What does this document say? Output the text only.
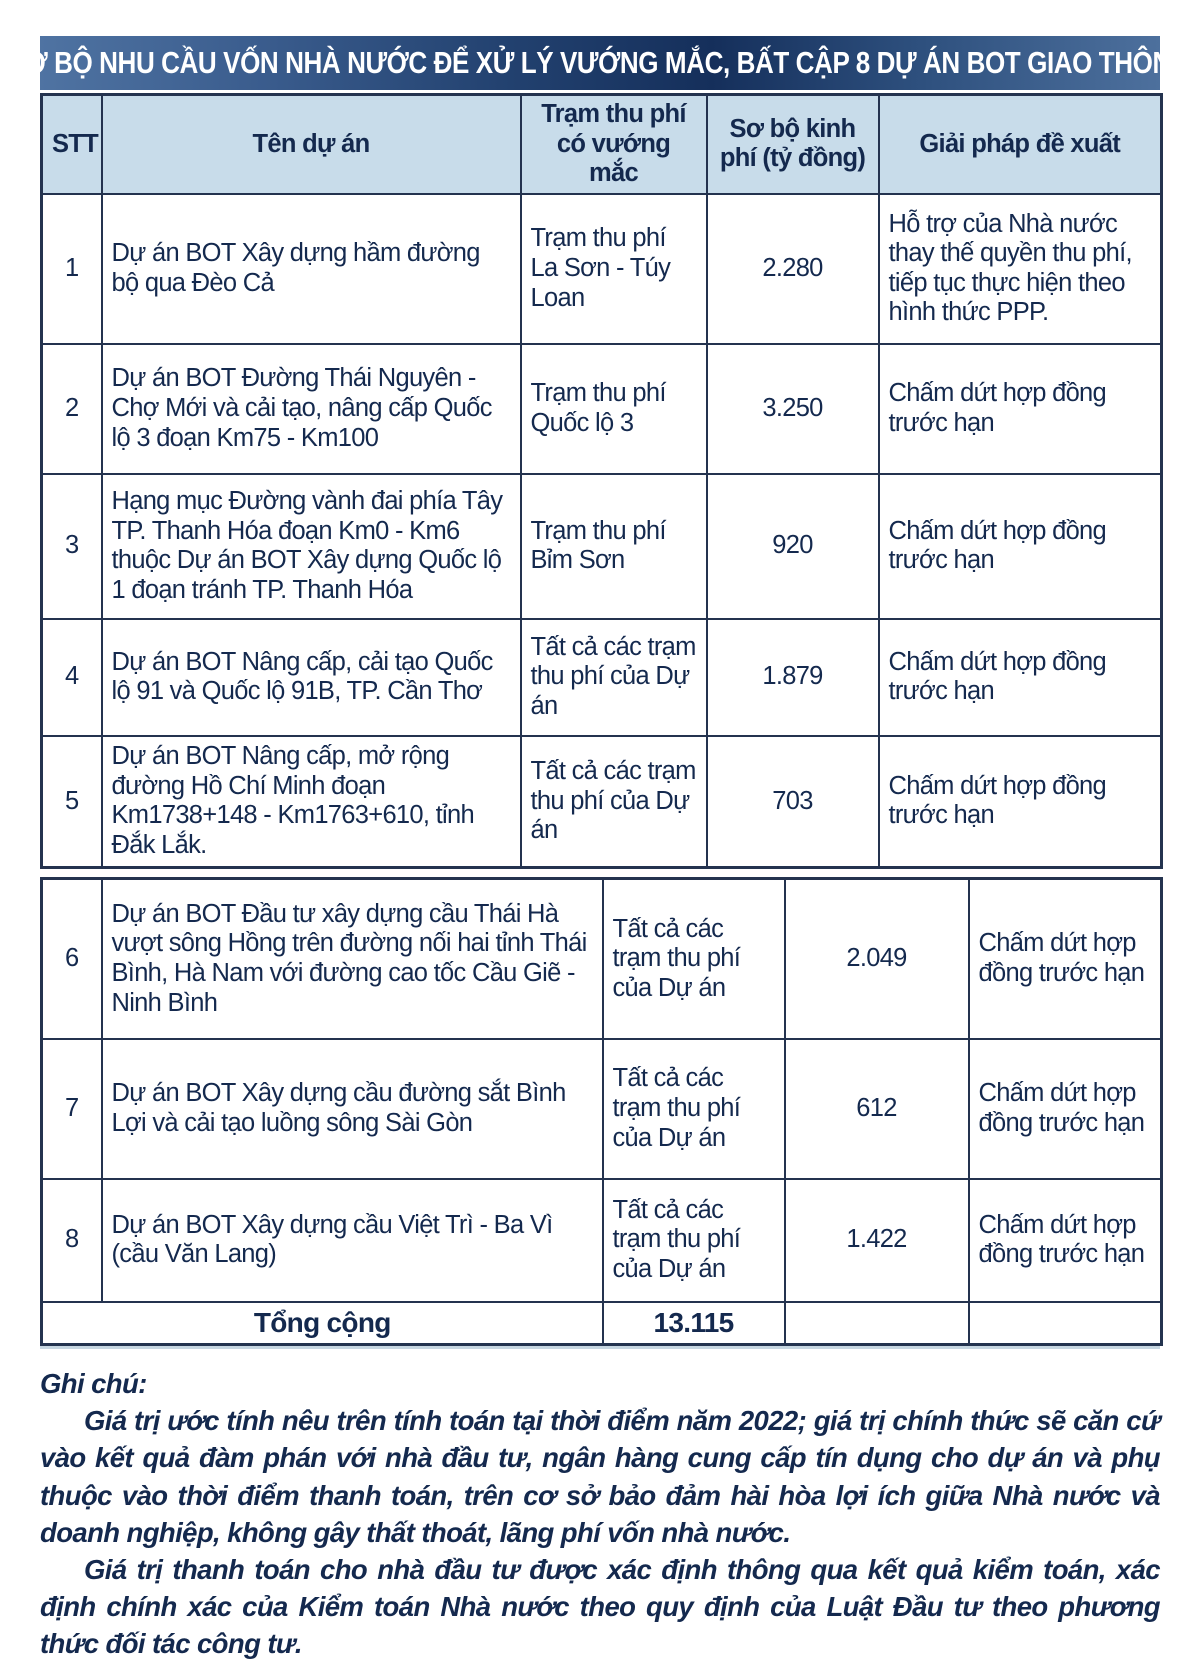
SƠ BỘ NHU CẦU VỐN NHÀ NƯỚC ĐỂ XỬ LÝ VƯỚNG MẮC, BẤT CẬP 8 DỰ ÁN BOT GIAO THÔNG
STT	Tên dự án	Trạm thu phí có vướng mắc	Sơ bộ kinh phí (tỷ đồng)	Giải pháp đề xuất
1	Dự án BOT Xây dựng hầm đường bộ qua Đèo Cả	Trạm thu phí La Sơn - Túy Loan	2.280	Hỗ trợ của Nhà nước thay thế quyền thu phí, tiếp tục thực hiện theo hình thức PPP.
2	Dự án BOT Đường Thái Nguyên - Chợ Mới và cải tạo, nâng cấp Quốc lộ 3 đoạn Km75 - Km100	Trạm thu phí Quốc lộ 3	3.250	Chấm dứt hợp đồng trước hạn
3	Hạng mục Đường vành đai phía Tây TP. Thanh Hóa đoạn Km0 - Km6 thuộc Dự án BOT Xây dựng Quốc lộ 1 đoạn tránh TP. Thanh Hóa	Trạm thu phí Bỉm Sơn	920	Chấm dứt hợp đồng trước hạn
4	Dự án BOT Nâng cấp, cải tạo Quốc lộ 91 và Quốc lộ 91B, TP. Cần Thơ	Tất cả các trạm thu phí của Dự án	1.879	Chấm dứt hợp đồng trước hạn
5	Dự án BOT Nâng cấp, mở rộng đường Hồ Chí Minh đoạn Km1738+148 - Km1763+610, tỉnh Đắk Lắk.	Tất cả các trạm thu phí của Dự án	703	Chấm dứt hợp đồng trước hạn
6	Dự án BOT Đầu tư xây dựng cầu Thái Hà vượt sông Hồng trên đường nối hai tỉnh Thái Bình, Hà Nam với đường cao tốc Cầu Giẽ - Ninh Bình	Tất cả các trạm thu phí của Dự án	2.049	Chấm dứt hợp đồng trước hạn
7	Dự án BOT Xây dựng cầu đường sắt Bình Lợi và cải tạo luồng sông Sài Gòn	Tất cả các trạm thu phí của Dự án	612	Chấm dứt hợp đồng trước hạn
8	Dự án BOT Xây dựng cầu Việt Trì - Ba Vì (cầu Văn Lang)	Tất cả các trạm thu phí của Dự án	1.422	Chấm dứt hợp đồng trước hạn
Tổng cộng		13.115		

Ghi chú:

Giá trị ước tính nêu trên tính toán tại thời điểm năm 2022; giá trị chính thức sẽ căn cứ vào kết quả đàm phán với nhà đầu tư, ngân hàng cung cấp tín dụng cho dự án và phụ thuộc vào thời điểm thanh toán, trên cơ sở bảo đảm hài hòa lợi ích giữa Nhà nước và doanh nghiệp, không gây thất thoát, lãng phí vốn nhà nước.

Giá trị thanh toán cho nhà đầu tư được xác định thông qua kết quả kiểm toán, xác định chính xác của Kiểm toán Nhà nước theo quy định của Luật Đầu tư theo phương thức đối tác công tư.
